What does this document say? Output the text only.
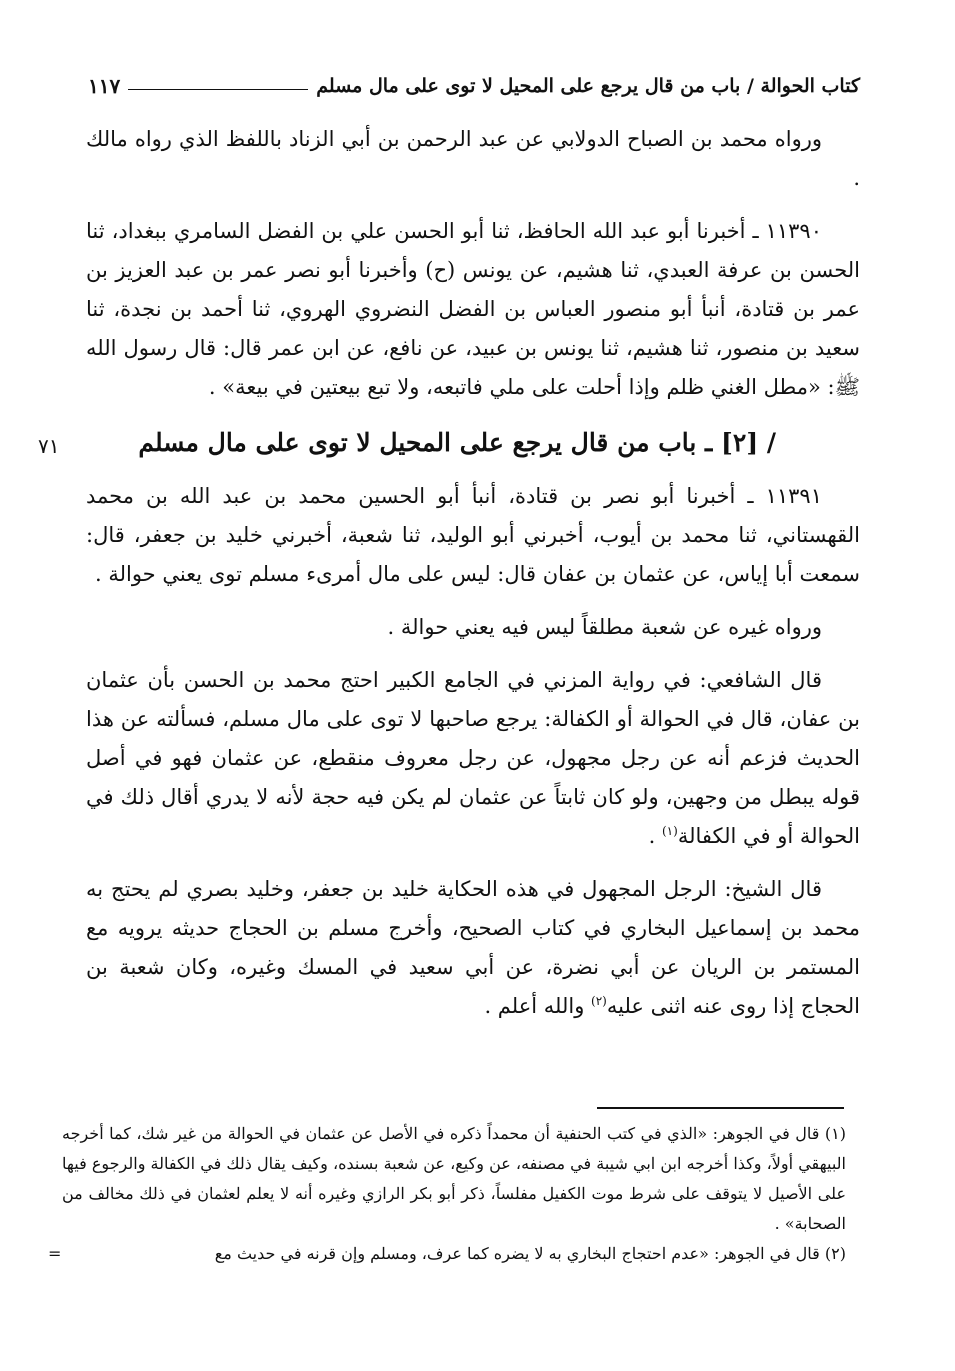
كتاب الحوالة / باب من قال يرجع على المحيل لا توى على مال مسلم
١١٧

ورواه محمد بن الصباح الدولابي عن عبد الرحمن بن أبي الزناد باللفظ الذي رواه مالك .

١١٣٩٠ ـ أخبرنا أبو عبد الله الحافظ، ثنا أبو الحسن علي بن الفضل السامري ببغداد، ثنا الحسن بن عرفة العبدي، ثنا هشيم، عن يونس (ح) وأخبرنا أبو نصر عمر بن عبد العزيز بن عمر بن قتادة، أنبأ أبو منصور العباس بن الفضل النضروي الهروي، ثنا أحمد بن نجدة، ثنا سعيد بن منصور، ثنا هشيم، ثنا يونس بن عبيد، عن نافع، عن ابن عمر قال: قال رسول الله ﷺ: «مطل الغني ظلم وإذا أحلت على ملي فاتبعه، ولا تبع بيعتين في بيعة» .

/ [٢] ـ باب من قال يرجع على المحيل لا توى على مال مسلم
٧١

١١٣٩١ ـ أخبرنا أبو نصر بن قتادة، أنبأ أبو الحسين محمد بن عبد الله بن محمد القهستاني، ثنا محمد بن أيوب، أخبرني أبو الوليد، ثنا شعبة، أخبرني خليد بن جعفر، قال: سمعت أبا إياس، عن عثمان بن عفان قال: ليس على مال أمرىء مسلم توى يعني حوالة .

ورواه غيره عن شعبة مطلقاً ليس فيه يعني حوالة .

قال الشافعي: في رواية المزني في الجامع الكبير احتج محمد بن الحسن بأن عثمان بن عفان، قال في الحوالة أو الكفالة: يرجع صاحبها لا توى على مال مسلم، فسألته عن هذا الحديث فزعم أنه عن رجل مجهول، عن رجل معروف منقطع، عن عثمان فهو في أصل قوله يبطل من وجهين، ولو كان ثابتاً عن عثمان لم يكن فيه حجة لأنه لا يدري أقال ذلك في الحوالة أو في الكفالة$^{(١)}$ .

قال الشيخ: الرجل المجهول في هذه الحكاية خليد بن جعفر، وخليد بصري لم يحتج به محمد بن إسماعيل البخاري في كتاب الصحيح، وأخرج مسلم بن الحجاج حديثه يرويه مع المستمر بن الريان عن أبي نضرة، عن أبي سعيد في المسك وغيره، وكان شعبة بن الحجاج إذا روى عنه اثنى عليه$^{(٢)}$ والله أعلم .

(١) قال في الجوهر: «الذي في كتب الحنفية أن محمداً ذكره في الأصل عن عثمان في الحوالة من غير شك، كما أخرجه البيهقي أولاً، وكذا أخرجه ابن ابي شيبة في مصنفه، عن وكيع، عن شعبة بسنده، وكيف يقال ذلك في الكفالة والرجوع فيها على الأصيل لا يتوقف على شرط موت الكفيل مفلساً، ذكر أبو بكر الرازي وغيره أنه لا يعلم لعثمان في ذلك مخالف من الصحابة» .

(٢) قال في الجوهر: «عدم احتجاج البخاري به لا يضره كما عرف، ومسلم وإن قرنه في حديث مع
=
